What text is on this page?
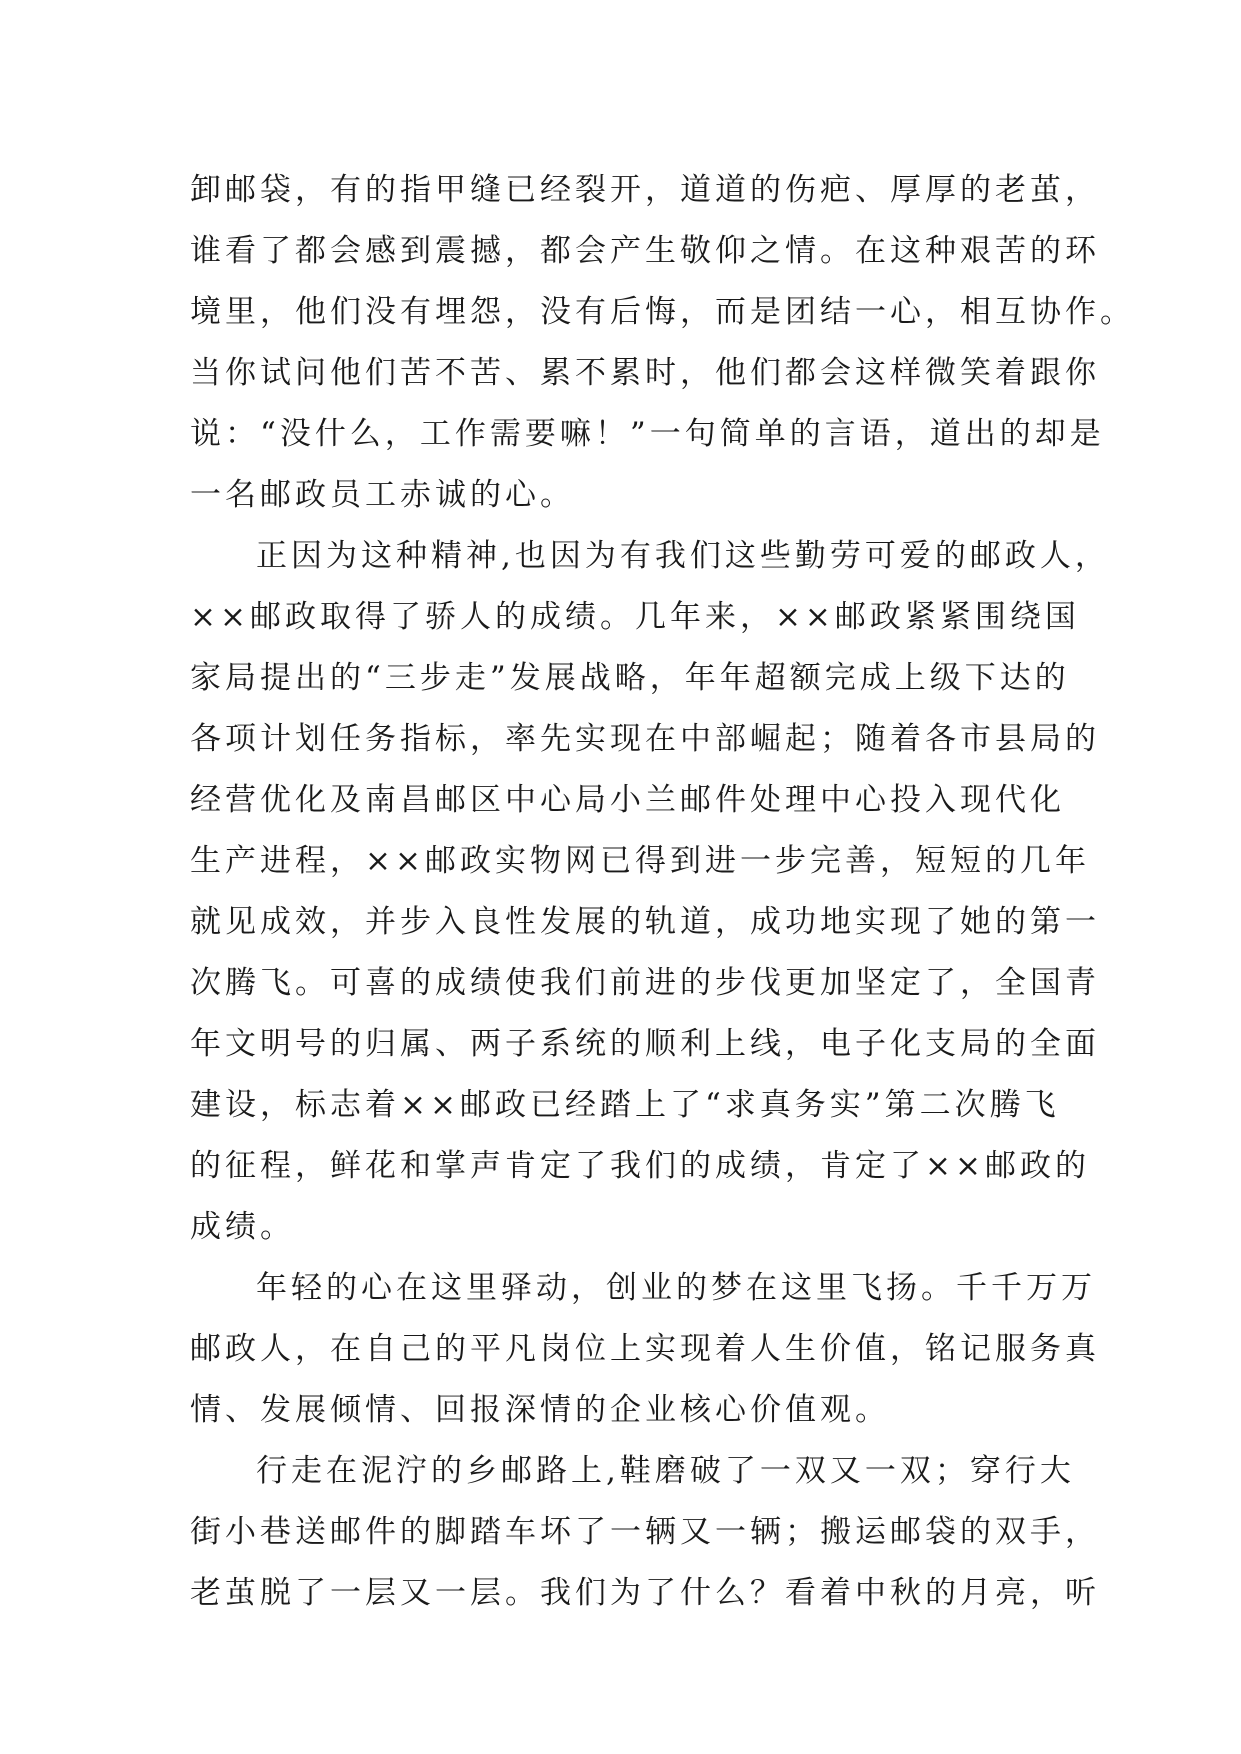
卸邮袋，有的指甲缝已经裂开，道道的伤疤、厚厚的老茧，
谁看了都会感到震撼，都会产生敬仰之情。在这种艰苦的环
境里，他们没有埋怨，没有后悔，而是团结一心，相互协作。
当你试问他们苦不苦、累不累时，他们都会这样微笑着跟你
说：“没什么，工作需要嘛！”一句简单的言语，道出的却是
一名邮政员工赤诚的心。
正因为这种精神,也因为有我们这些勤劳可爱的邮政人，
××邮政取得了骄人的成绩。几年来，××邮政紧紧围绕国
家局提出的“三步走”发展战略，年年超额完成上级下达的
各项计划任务指标，率先实现在中部崛起；随着各市县局的
经营优化及南昌邮区中心局小兰邮件处理中心投入现代化
生产进程，××邮政实物网已得到进一步完善，短短的几年
就见成效，并步入良性发展的轨道，成功地实现了她的第一
次腾飞。可喜的成绩使我们前进的步伐更加坚定了，全国青
年文明号的归属、两子系统的顺利上线，电子化支局的全面
建设，标志着××邮政已经踏上了“求真务实”第二次腾飞
的征程，鲜花和掌声肯定了我们的成绩，肯定了××邮政的
成绩。
年轻的心在这里驿动，创业的梦在这里飞扬。千千万万
邮政人，在自己的平凡岗位上实现着人生价值，铭记服务真
情、发展倾情、回报深情的企业核心价值观。
行走在泥泞的乡邮路上,鞋磨破了一双又一双；穿行大
街小巷送邮件的脚踏车坏了一辆又一辆；搬运邮袋的双手，
老茧脱了一层又一层。我们为了什么？看着中秋的月亮，听
